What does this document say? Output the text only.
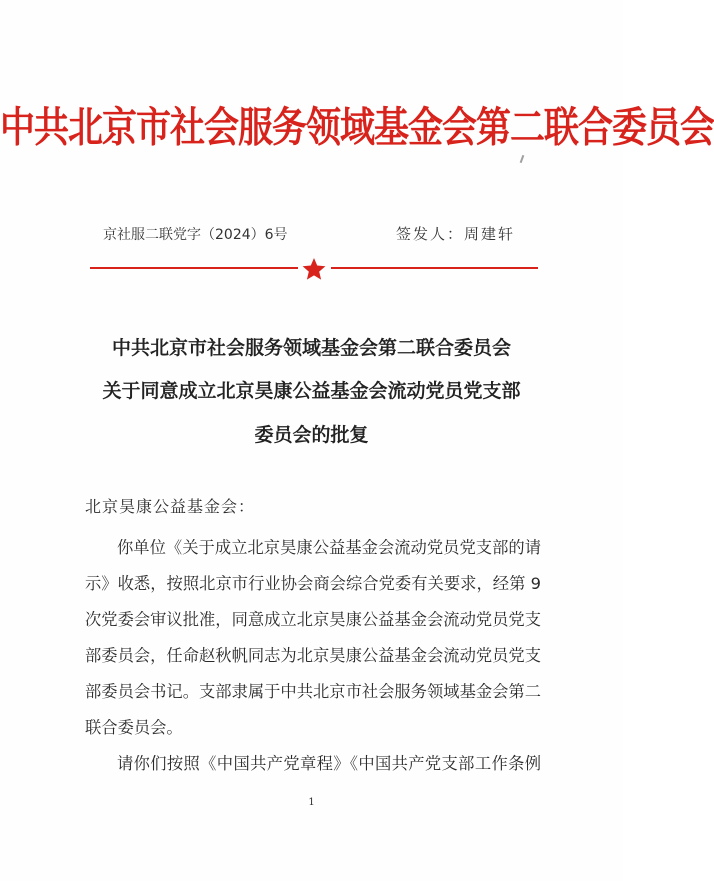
中共北京市社会服务领域基金会第二联合委员会
京社服二联党字（2024）6号	签发人：周建轩
中共北京市社会服务领域基金会第二联合委员会
关于同意成立北京昊康公益基金会流动党员党支部
委员会的批复
北京昊康公益基金会：
你单位《关于成立北京昊康公益基金会流动党员党支部的请
示》收悉，按照北京市行业协会商会综合党委有关要求，经第 9
次党委会审议批准，同意成立北京昊康公益基金会流动党员党支
部委员会，任命赵秋帆同志为北京昊康公益基金会流动党员党支
部委员会书记。支部隶属于中共北京市社会服务领域基金会第二
联合委员会。
请你们按照《中国共产党章程》《中国共产党支部工作条例
1
